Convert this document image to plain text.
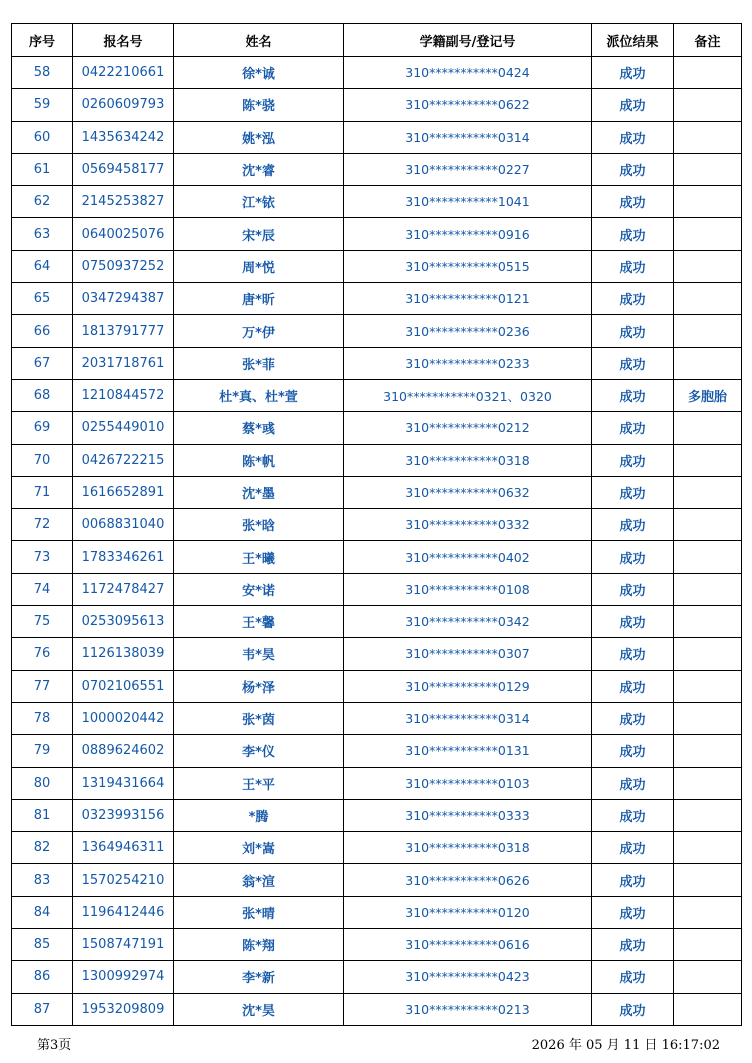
序号	报名号	姓名	学籍副号/登记号	派位结果	备注
58	0422210661	徐*诚	310***********0424	成功	
59	0260609793	陈*骁	310***********0622	成功	
60	1435634242	姚*泓	310***********0314	成功	
61	0569458177	沈*睿	310***********0227	成功	
62	2145253827	江*铱	310***********1041	成功	
63	0640025076	宋*辰	310***********0916	成功	
64	0750937252	周*悦	310***********0515	成功	
65	0347294387	唐*昕	310***********0121	成功	
66	1813791777	万*伊	310***********0236	成功	
67	2031718761	张*菲	310***********0233	成功	
68	1210844572	杜*真、杜*萱	310***********0321、0320	成功	多胞胎
69	0255449010	蔡*彧	310***********0212	成功	
70	0426722215	陈*帆	310***********0318	成功	
71	1616652891	沈*墨	310***********0632	成功	
72	0068831040	张*晗	310***********0332	成功	
73	1783346261	王*曦	310***********0402	成功	
74	1172478427	安*诺	310***********0108	成功	
75	0253095613	王*馨	310***********0342	成功	
76	1126138039	韦*昊	310***********0307	成功	
77	0702106551	杨*泽	310***********0129	成功	
78	1000020442	张*茵	310***********0314	成功	
79	0889624602	李*仪	310***********0131	成功	
80	1319431664	王*平	310***********0103	成功	
81	0323993156	*腾	310***********0333	成功	
82	1364946311	刘*嵩	310***********0318	成功	
83	1570254210	翁*渲	310***********0626	成功	
84	1196412446	张*晴	310***********0120	成功	
85	1508747191	陈*翔	310***********0616	成功	
86	1300992974	李*新	310***********0423	成功	
87	1953209809	沈*昊	310***********0213	成功	
第3页	2026 年 05 月 11 日 16:17:02
